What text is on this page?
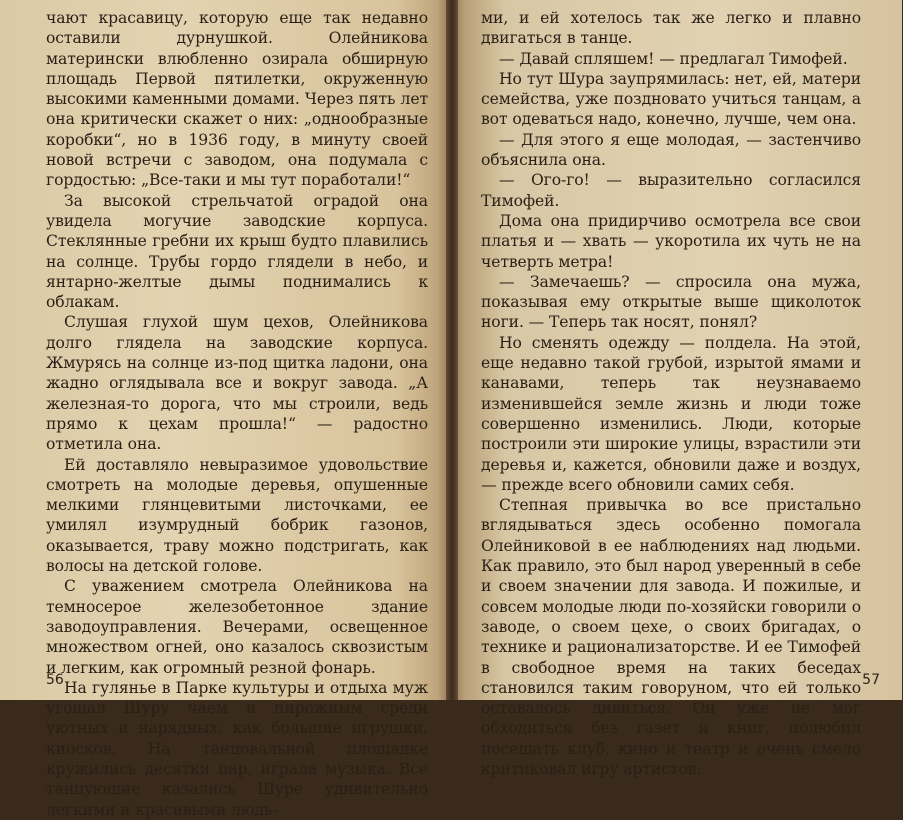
чают красавицу, которую еще так недавно оставили дурнушкой. Олейникова матерински влюбленно озирала обширную площадь Первой пятилетки, окруженную высокими каменными домами. Через пять лет она критически скажет о них: „однообразные коробки“, но в 1936 году, в минуту своей новой встречи с заводом, она подумала с гордостью: „Все-таки и мы тут поработали!“

За высокой стрельчатой оградой она увидела могучие заводские корпуса. Стеклянные гребни их крыш будто плавились на солнце. Трубы гордо глядели в небо, и янтарно-желтые дымы поднимались к облакам.

Слушая глухой шум цехов, Олейникова долго глядела на заводские корпуса. Жмурясь на солнце из-под щитка ладони, она жадно оглядывала все и вокруг завода. „А железная-то дорога, что мы строили, ведь прямо к цехам прошла!“ — радостно отметила она.

Ей доставляло невыразимое удовольствие смотреть на молодые деревья, опушенные мелкими глянцевитыми листочками, ее умилял изумрудный бобрик газонов, оказывается, траву можно подстригать, как волосы на детской голове.

С уважением смотрела Олейникова на темносерое железобетонное здание заводоуправления. Вечерами, освещенное множеством огней, оно казалось сквозистым и легким, как огромный резной фонарь.

На гулянье в Парке культуры и отдыха муж угощал Шуру чаем и пирожным среди уютных и нарядных, как большие игрушки, киосков. На танцовальной площадке кружились десятки пар, играла музыка. Все танцующие казались Шуре удивительно легкими и красивыми людь-

56

ми, и ей хотелось так же легко и плавно двигаться в танце.

— Давай спляшем! — предлагал Тимофей.

Но тут Шура заупрямилась: нет, ей, матери семейства, уже поздновато учиться танцам, а вот одеваться надо, конечно, лучше, чем она.

— Для этого я еще молодая, — застенчиво объяснила она.

— Ого-го! — выразительно согласился Тимофей.

Дома она придирчиво осмотрела все свои платья и — хвать — укоротила их чуть не на четверть метра!

— Замечаешь? — спросила она мужа, показывая ему открытые выше щиколоток ноги. — Теперь так носят, понял?

Но сменять одежду — полдела. На этой, еще недавно такой грубой, изрытой ямами и канавами, теперь так неузнаваемо изменившейся земле жизнь и люди тоже совершенно изменились. Люди, которые построили эти широкие улицы, взрастили эти деревья и, кажется, обновили даже и воздух, — прежде всего обновили самих себя.

Степная привычка во все пристально вглядываться здесь особенно помогала Олейниковой в ее наблюдениях над людьми. Как правило, это был народ уверенный в себе и своем значении для завода. И пожилые, и совсем молодые люди по-хозяйски говорили о заводе, о своем цехе, о своих бригадах, о технике и рационализаторстве. И ее Тимофей в свободное время на таких беседах становился таким говоруном, что ей только оставалось дивиться. Он уже не мог обходиться без газет и книг, полюбил посещать клуб, кино и театр и очень смело критиковал игру артистов:

57
